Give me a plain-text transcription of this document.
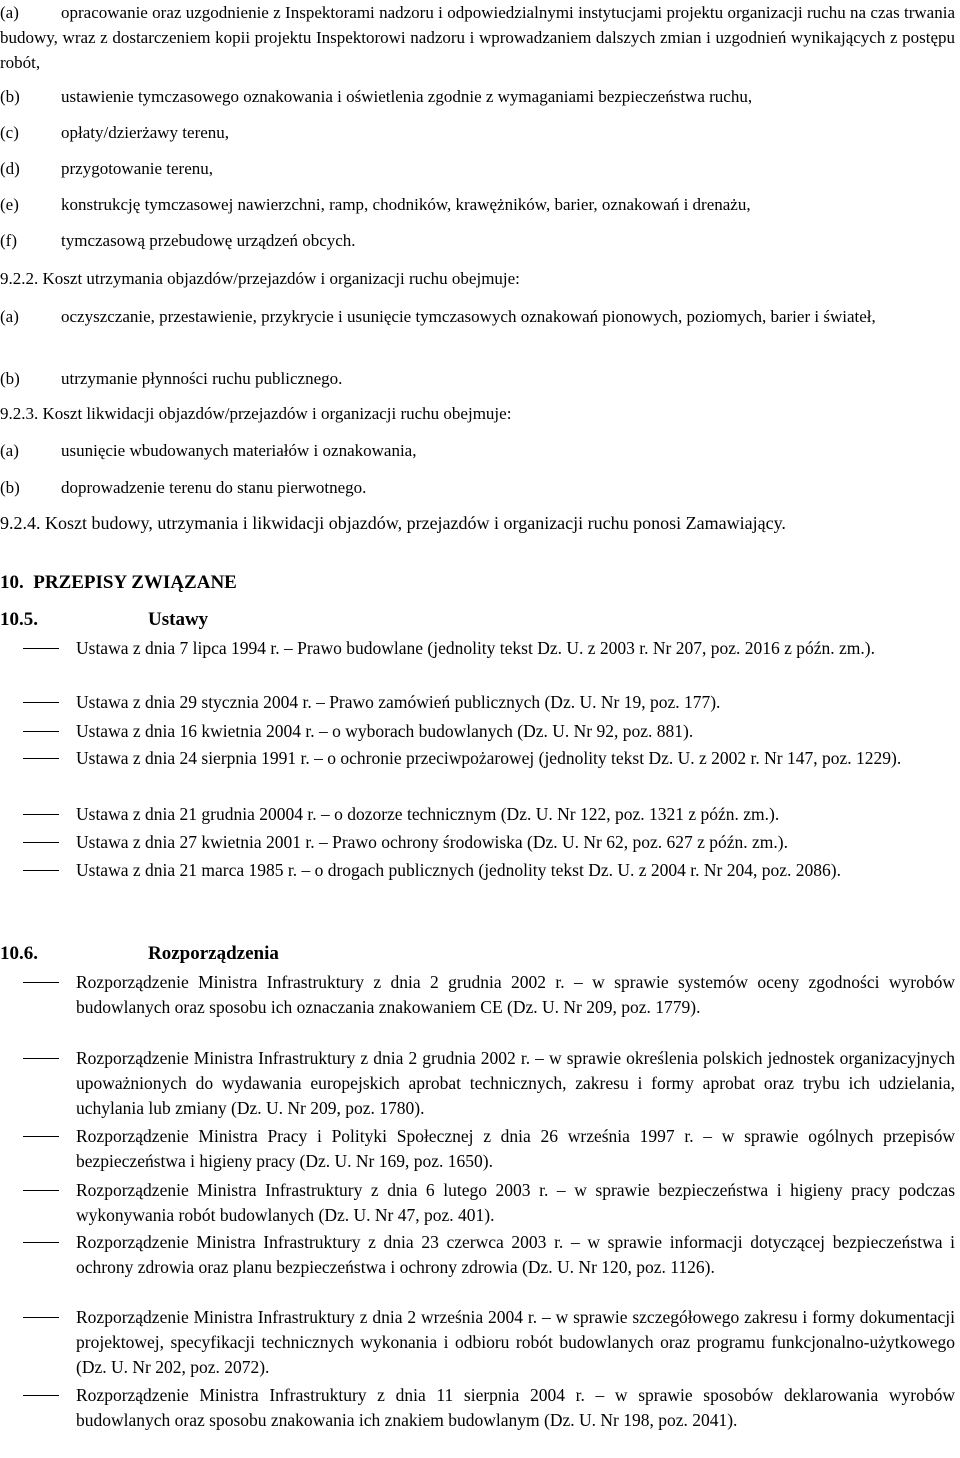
(a)	opracowanie oraz uzgodnienie z Inspektorami nadzoru i odpowiedzialnymi instytucjami projektu organizacji ruchu na czas trwania budowy, wraz z dostarczeniem kopii projektu Inspektorowi nadzoru i wprowadzaniem dalszych zmian i uzgodnień wynikających z postępu robót,
(b) ustawienie tymczasowego oznakowania i oświetlenia zgodnie z wymaganiami bezpieczeństwa ruchu,
(c) opłaty/dzierżawy terenu,
(d) przygotowanie terenu,
(e) konstrukcję tymczasowej nawierzchni, ramp, chodników, krawężników, barier, oznakowań i drenażu,
(f)	tymczasową przebudowę urządzeń obcych.
9.2.2. Koszt utrzymania objazdów/przejazdów i organizacji ruchu obejmuje:
(a)	oczyszczanie, przestawienie, przykrycie i usunięcie tymczasowych oznakowań pionowych, poziomych, barier i świateł,
(b) utrzymanie płynności ruchu publicznego.
9.2.3. Koszt likwidacji objazdów/przejazdów i organizacji ruchu obejmuje:
(a) usunięcie wbudowanych materiałów i oznakowania,
(b) doprowadzenie terenu do stanu pierwotnego.
9.2.4. Koszt budowy, utrzymania i likwidacji objazdów, przejazdów i organizacji ruchu ponosi Zamawiający.
10.  PRZEPISY ZWIĄZANE
10.5.	Ustawy
Ustawa z dnia 7 lipca 1994 r. – Prawo budowlane (jednolity tekst Dz. U. z 2003 r. Nr 207, poz. 2016 z późn. zm.).
Ustawa z dnia 29 stycznia 2004 r. – Prawo zamówień publicznych (Dz. U. Nr 19, poz. 177).
Ustawa z dnia 16 kwietnia 2004 r. – o wyborach budowlanych (Dz. U. Nr 92, poz. 881).
Ustawa z dnia 24 sierpnia 1991 r. – o ochronie przeciwpożarowej (jednolity tekst Dz. U. z 2002 r. Nr 147, poz. 1229).
Ustawa z dnia 21 grudnia 20004 r. – o dozorze technicznym (Dz. U. Nr 122, poz. 1321 z późn. zm.).
Ustawa z dnia 27 kwietnia 2001 r. – Prawo ochrony środowiska (Dz. U. Nr 62, poz. 627 z późn. zm.).
Ustawa z dnia 21 marca 1985 r. – o drogach publicznych (jednolity tekst Dz. U. z 2004 r. Nr 204, poz. 2086).
10.6.	Rozporządzenia
Rozporządzenie Ministra Infrastruktury z dnia 2 grudnia 2002 r. – w sprawie systemów oceny zgodności wyrobów budowlanych oraz sposobu ich oznaczania znakowaniem CE (Dz. U. Nr 209, poz. 1779).
Rozporządzenie Ministra Infrastruktury z dnia 2 grudnia 2002 r. – w sprawie określenia polskich jednostek organizacyjnych upoważnionych do wydawania europejskich aprobat technicznych, zakresu i formy aprobat oraz trybu ich udzielania, uchylania lub zmiany (Dz. U. Nr 209, poz. 1780).
Rozporządzenie Ministra Pracy i Polityki Społecznej z dnia 26 września 1997 r. – w sprawie ogólnych przepisów bezpieczeństwa i higieny pracy (Dz. U. Nr 169, poz. 1650).
Rozporządzenie Ministra Infrastruktury z dnia 6 lutego 2003 r. – w sprawie bezpieczeństwa i higieny pracy podczas wykonywania robót budowlanych (Dz. U. Nr 47, poz. 401).
Rozporządzenie Ministra Infrastruktury z dnia 23 czerwca 2003 r. – w sprawie informacji dotyczącej bezpieczeństwa i ochrony zdrowia oraz planu bezpieczeństwa i ochrony zdrowia (Dz. U. Nr 120, poz. 1126).
Rozporządzenie Ministra Infrastruktury z dnia 2 września 2004 r. – w sprawie szczegółowego zakresu i formy dokumentacji projektowej, specyfikacji technicznych wykonania i odbioru robót budowlanych oraz programu funkcjonalno-użytkowego (Dz. U. Nr 202, poz. 2072).
Rozporządzenie Ministra Infrastruktury z dnia 11 sierpnia 2004 r. – w sprawie sposobów deklarowania wyrobów budowlanych oraz sposobu znakowania ich znakiem budowlanym (Dz. U. Nr 198, poz. 2041).
